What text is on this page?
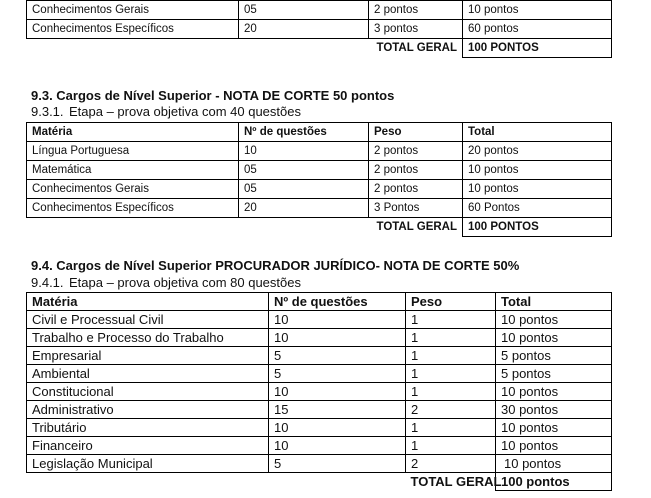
Conhecimentos Gerais	05	2 pontos	10 pontos
Conhecimentos Específicos	20	3 pontos	60 pontos
		TOTAL GERAL	100 PONTOS
9.3. Cargos de Nível Superior - NOTA DE CORTE 50 pontos
9.3.1. Etapa – prova objetiva com 40 questões
Matéria	Nº de questões	Peso	Total
Língua Portuguesa	10	2 pontos	20 pontos
Matemática	05	2 pontos	10 pontos
Conhecimentos Gerais	05	2 pontos	10 pontos
Conhecimentos Específicos	20	3 Pontos	60 Pontos
		TOTAL GERAL	100 PONTOS
9.4. Cargos de Nível Superior PROCURADOR JURÍDICO- NOTA DE CORTE 50%
9.4.1. Etapa – prova objetiva com 80 questões
Matéria	Nº de questões	Peso	Total
Civil e Processual Civil	10	1	10 pontos
Trabalho e Processo do Trabalho	10	1	10 pontos
Empresarial	5	1	5 pontos
Ambiental	5	1	5 pontos
Constitucional	10	1	10 pontos
Administrativo	15	2	30 pontos
Tributário	10	1	10 pontos
Financeiro	10	1	10 pontos
Legislação Municipal	5	2	10 pontos
		TOTAL GERAL	100 pontos
